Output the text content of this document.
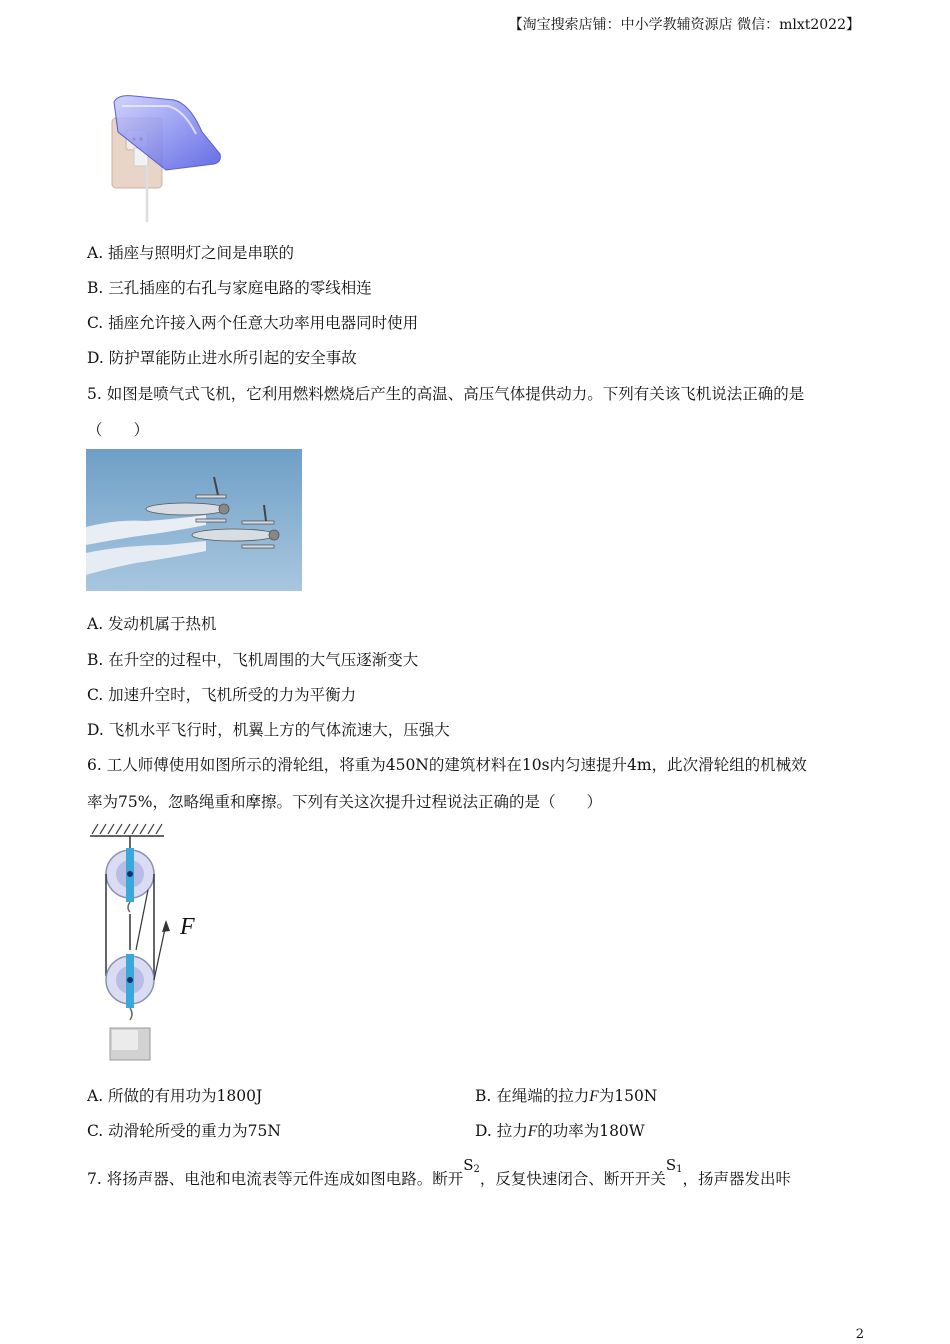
【淘宝搜索店铺：中小学教辅资源店 微信：mlxt2022】
A. 插座与照明灯之间是串联的
B. 三孔插座的右孔与家庭电路的零线相连
C. 插座允许接入两个任意大功率用电器同时使用
D. 防护罩能防止进水所引起的安全事故
5. 如图是喷气式飞机，它利用燃料燃烧后产生的高温、高压气体提供动力。下列有关该飞机说法正确的是
（　　）
A. 发动机属于热机
B. 在升空的过程中，飞机周围的大气压逐渐变大
C. 加速升空时，飞机所受的力为平衡力
D. 飞机水平飞行时，机翼上方的气体流速大，压强大
6. 工人师傅使用如图所示的滑轮组，将重为450N的建筑材料在10s内匀速提升4m，此次滑轮组的机械效
率为75%，忽略绳重和摩擦。下列有关这次提升过程说法正确的是（　　）
F
A. 所做的有用功为1800J	B. 在绳端的拉力F为150N
C. 动滑轮所受的重力为75N	D. 拉力F的功率为180W
7. 将扬声器、电池和电流表等元件连成如图电路。断开$S_2$，反复快速闭合、断开开关$S_1$，扬声器发出咔
2
